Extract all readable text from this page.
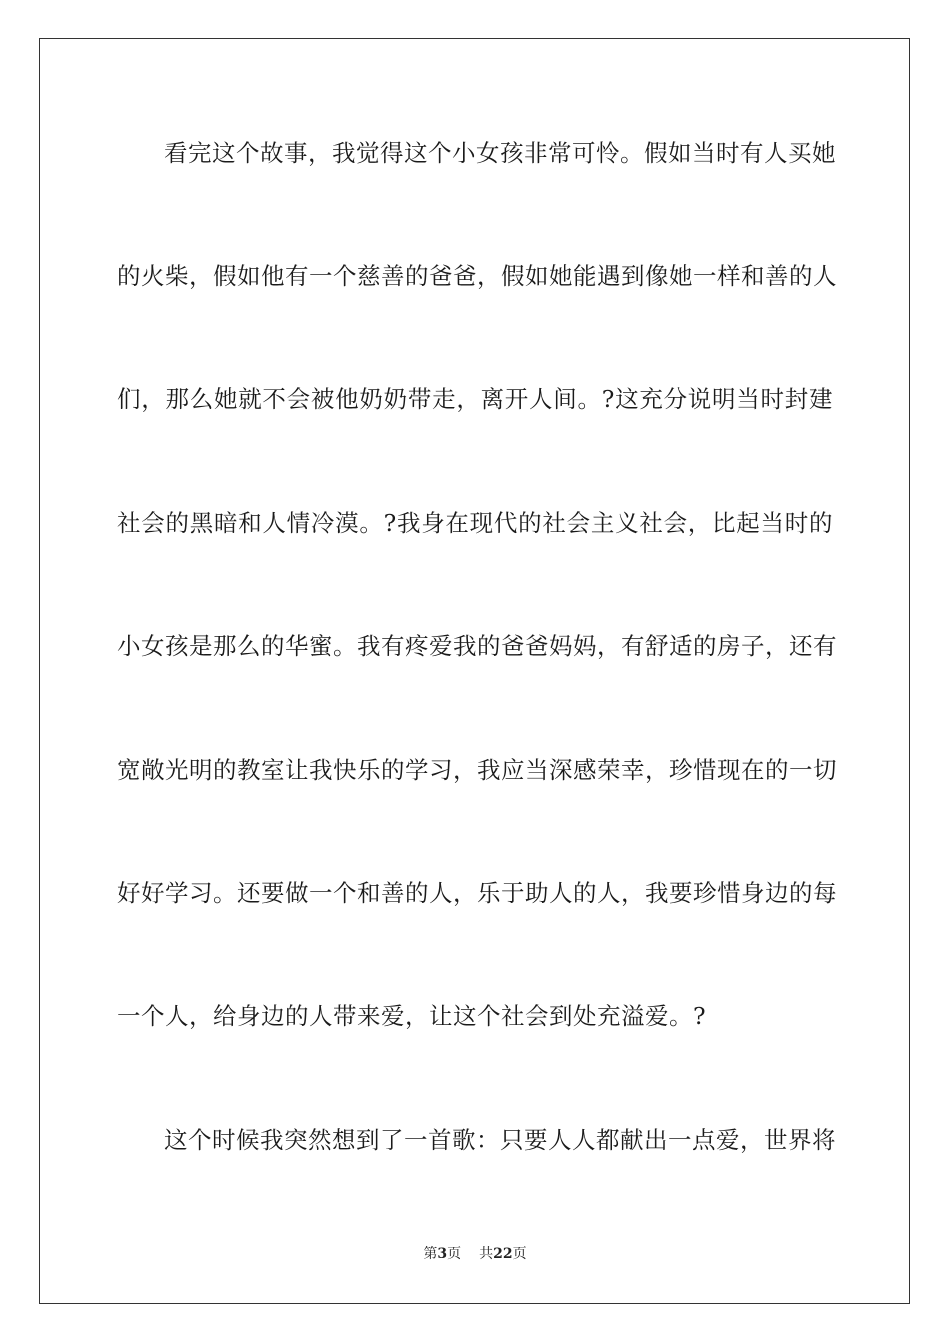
看完这个故事，我觉得这个小女孩非常可怜。假如当时有人买她
的火柴，假如他有一个慈善的爸爸，假如她能遇到像她一样和善的人
们，那么她就不会被他奶奶带走，离开人间。?这充分说明当时封建
社会的黑暗和人情冷漠。?我身在现代的社会主义社会，比起当时的
小女孩是那么的华蜜。我有疼爱我的爸爸妈妈，有舒适的房子，还有
宽敞光明的教室让我快乐的学习，我应当深感荣幸，珍惜现在的一切
好好学习。还要做一个和善的人，乐于助人的人，我要珍惜身边的每
一个人，给身边的人带来爱，让这个社会到处充溢爱。?
这个时候我突然想到了一首歌：只要人人都献出一点爱，世界将
第3页 共22页
